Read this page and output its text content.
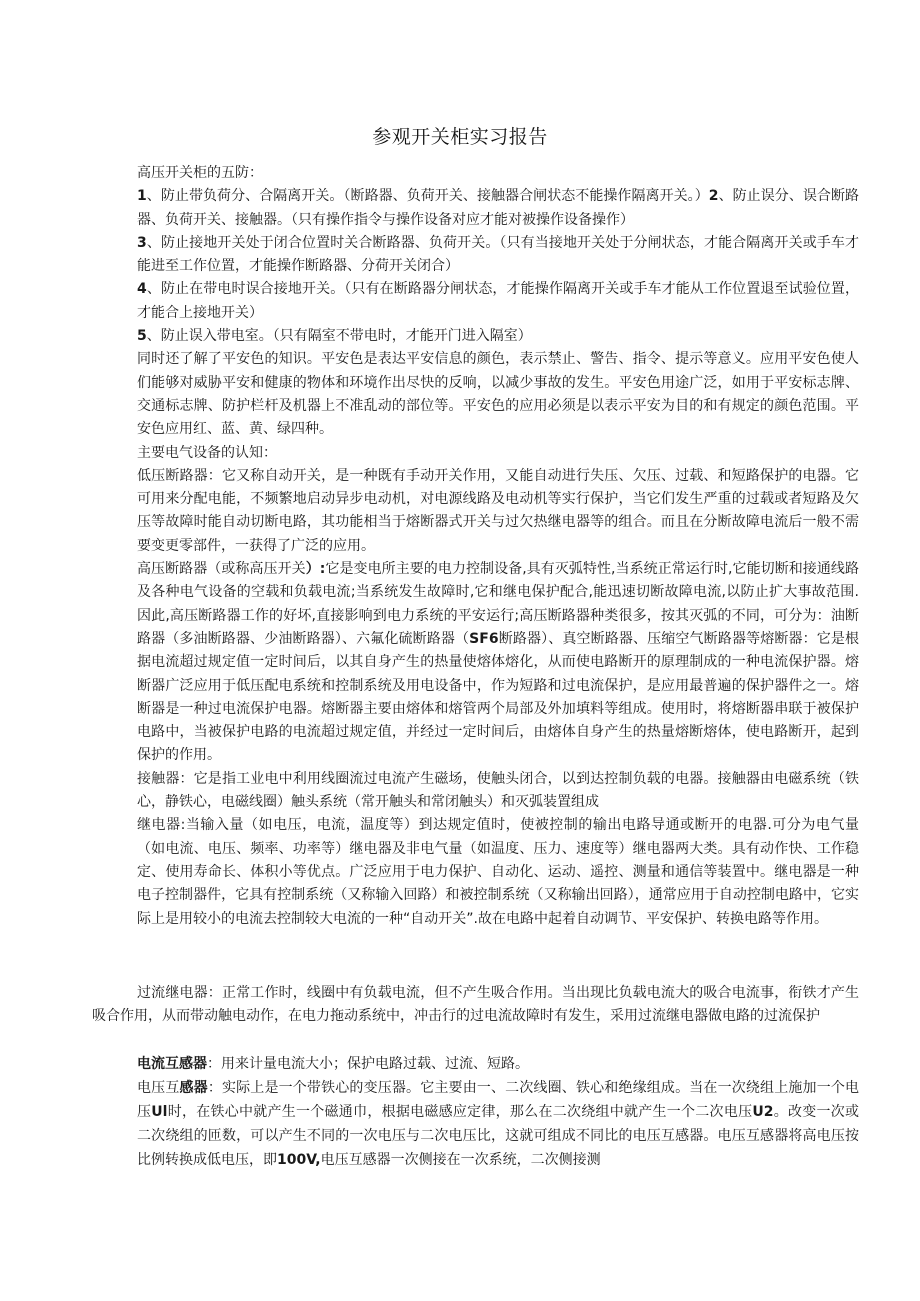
参观开关柜实习报告

高压开关柜的五防：

1、防止带负荷分、合隔离开关。（断路器、负荷开关、接触器合闸状态不能操作隔离开关。）2、防止误分、误合断路器、负荷开关、接触器。（只有操作指令与操作设备对应才能对被操作设备操作）

3、防止接地开关处于闭合位置时关合断路器、负荷开关。（只有当接地开关处于分闸状态，才能合隔离开关或手车才能进至工作位置，才能操作断路器、分荷开关闭合）

4、防止在带电时误合接地开关。（只有在断路器分闸状态，才能操作隔离开关或手车才能从工作位置退至试验位置，才能合上接地开关）

5、防止误入带电室。（只有隔室不带电时，才能开门进入隔室）

同时还了解了平安色的知识。平安色是表达平安信息的颜色，表示禁止、警告、指令、提示等意义。应用平安色使人们能够对威胁平安和健康的物体和环境作出尽快的反响，以减少事故的发生。平安色用途广泛，如用于平安标志牌、交通标志牌、防护栏杆及机器上不准乱动的部位等。平安色的应用必须是以表示平安为目的和有规定的颜色范围。平安色应用红、蓝、黄、绿四种。

主要电气设备的认知：

低压断路器：它又称自动开关，是一种既有手动开关作用，又能自动进行失压、欠压、过载、和短路保护的电器。它可用来分配电能，不频繁地启动异步电动机，对电源线路及电动机等实行保护，当它们发生严重的过载或者短路及欠压等故障时能自动切断电路，其功能相当于熔断器式开关与过欠热继电器等的组合。而且在分断故障电流后一般不需要变更零部件，一获得了广泛的应用。

高压断路器（或称高压开关）:它是变电所主要的电力控制设备,具有灭弧特性,当系统正常运行时,它能切断和接通线路及各种电气设备的空载和负载电流;当系统发生故障时,它和继电保护配合,能迅速切断故障电流,以防止扩大事故范围.因此,高压断路器工作的好坏,直接影响到电力系统的平安运行;高压断路器种类很多，按其灭弧的不同，可分为：油断路器（多油断路器、少油断路器）、六氟化硫断路器（SF6断路器）、真空断路器、压缩空气断路器等熔断器：它是根据电流超过规定值一定时间后，以其自身产生的热量使熔体熔化，从而使电路断开的原理制成的一种电流保护器。熔断器广泛应用于低压配电系统和控制系统及用电设备中，作为短路和过电流保护，是应用最普遍的保护器件之一。熔断器是一种过电流保护电器。熔断器主要由熔体和熔管两个局部及外加填料等组成。使用时，将熔断器串联于被保护电路中，当被保护电路的电流超过规定值，并经过一定时间后，由熔体自身产生的热量熔断熔体，使电路断开，起到保护的作用。

接触器：它是指工业电中利用线圈流过电流产生磁场，使触头闭合，以到达控制负载的电器。接触器由电磁系统（铁心，静铁心，电磁线圈）触头系统（常开触头和常闭触头）和灭弧装置组成

继电器:当输入量（如电压，电流，温度等）到达规定值时，使被控制的输出电路导通或断开的电器.可分为电气量（如电流、电压、频率、功率等）继电器及非电气量（如温度、压力、速度等）继电器两大类。具有动作快、工作稳定、使用寿命长、体积小等优点。广泛应用于电力保护、自动化、运动、遥控、测量和通信等装置中。继电器是一种电子控制器件，它具有控制系统（又称输入回路）和被控制系统（又称输出回路），通常应用于自动控制电路中，它实际上是用较小的电流去控制较大电流的一种“自动开关”.故在电路中起着自动调节、平安保护、转换电路等作用。

过流继电器：正常工作时，线圈中有负载电流，但不产生吸合作用。当出现比负载电流大的吸合电流事，衔铁才产生吸合作用，从而带动触电动作，在电力拖动系统中，冲击行的过电流故障时有发生，采用过流继电器做电路的过流保护

电流互感器：用来计量电流大小；保护电路过载、过流、短路。

电压互感器：实际上是一个带铁心的变压器。它主要由一、二次线圈、铁心和绝缘组成。当在一次绕组上施加一个电压Ul时，在铁心中就产生一个磁通巾，根据电磁感应定律，那么在二次绕组中就产生一个二次电压U2。改变一次或二次绕组的匝数，可以产生不同的一次电压与二次电压比，这就可组成不同比的电压互感器。电压互感器将高电压按比例转换成低电压，即100V,电压互感器一次侧接在一次系统，二次侧接测
